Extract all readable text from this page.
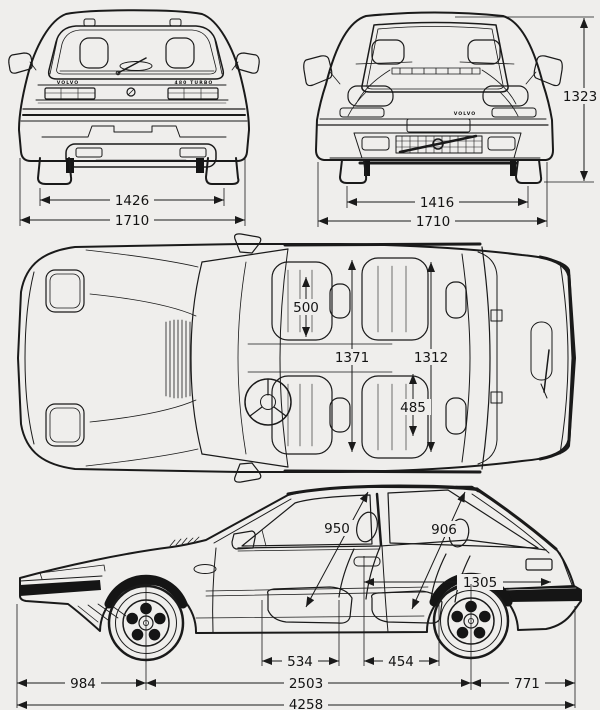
VOLVO	480 TURBO
1426
1710
VOLVO
1416
1710
1323
500
1371	1312
485
950	906
1305
534	454
984	2503	771
4258
